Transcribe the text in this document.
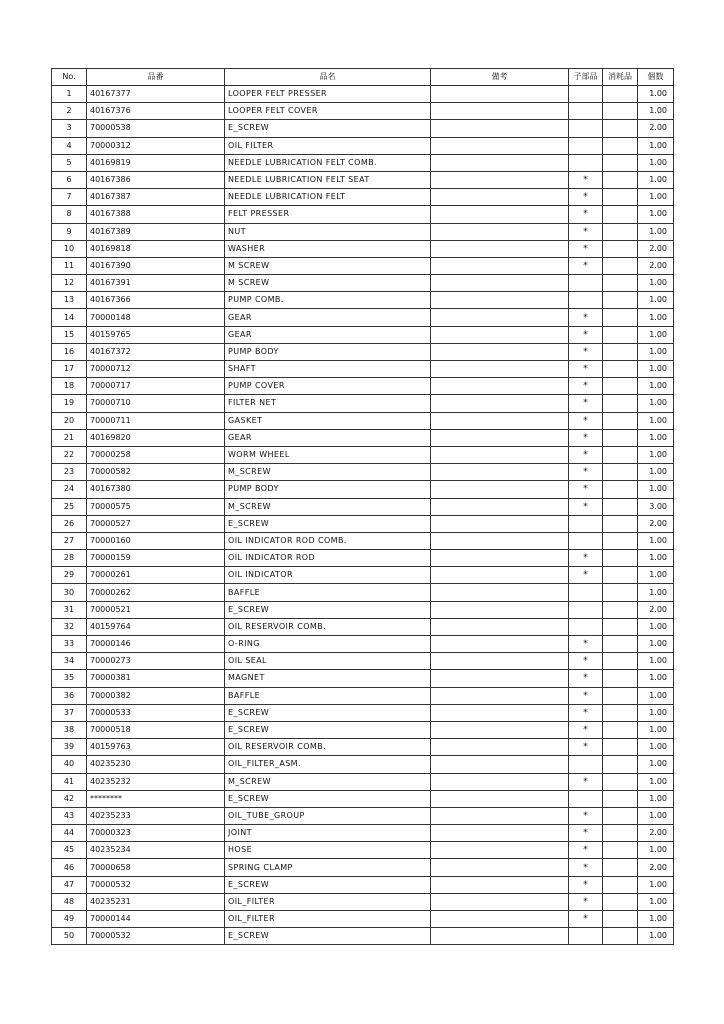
No.	品番	品名	備考	子部品	消耗品	個数
1	40167377	LOOPER FELT PRESSER				1.00
2	40167376	LOOPER FELT COVER				1.00
3	70000538	E_SCREW				2.00
4	70000312	OIL FILTER				1.00
5	40169819	NEEDLE LUBRICATION FELT COMB.				1.00
6	40167386	NEEDLE LUBRICATION FELT SEAT		*		1.00
7	40167387	NEEDLE LUBRICATION FELT		*		1.00
8	40167388	FELT PRESSER		*		1.00
9	40167389	NUT		*		1.00
10	40169818	WASHER		*		2.00
11	40167390	M SCREW		*		2.00
12	40167391	M SCREW				1.00
13	40167366	PUMP COMB.				1.00
14	70000148	GEAR		*		1.00
15	40159765	GEAR		*		1.00
16	40167372	PUMP BODY		*		1.00
17	70000712	SHAFT		*		1.00
18	70000717	PUMP COVER		*		1.00
19	70000710	FILTER NET		*		1.00
20	70000711	GASKET		*		1.00
21	40169820	GEAR		*		1.00
22	70000258	WORM WHEEL		*		1.00
23	70000582	M_SCREW		*		1.00
24	40167380	PUMP BODY		*		1.00
25	70000575	M_SCREW		*		3.00
26	70000527	E_SCREW				2.00
27	70000160	OIL INDICATOR ROD COMB.				1.00
28	70000159	OIL INDICATOR ROD		*		1.00
29	70000261	OIL INDICATOR		*		1.00
30	70000262	BAFFLE				1.00
31	70000521	E_SCREW				2.00
32	40159764	OIL RESERVOIR COMB.				1.00
33	70000146	O-RING		*		1.00
34	70000273	OIL SEAL		*		1.00
35	70000381	MAGNET		*		1.00
36	70000382	BAFFLE		*		1.00
37	70000533	E_SCREW		*		1.00
38	70000518	E_SCREW		*		1.00
39	40159763	OIL RESERVOIR COMB.		*		1.00
40	40235230	OIL_FILTER_ASM.				1.00
41	40235232	M_SCREW		*		1.00
42	********	E_SCREW				1.00
43	40235233	OIL_TUBE_GROUP		*		1.00
44	70000323	JOINT		*		2.00
45	40235234	HOSE		*		1.00
46	70000658	SPRING CLAMP		*		2.00
47	70000532	E_SCREW		*		1.00
48	40235231	OIL_FILTER		*		1.00
49	70000144	OIL_FILTER		*		1.00
50	70000532	E_SCREW				1.00
